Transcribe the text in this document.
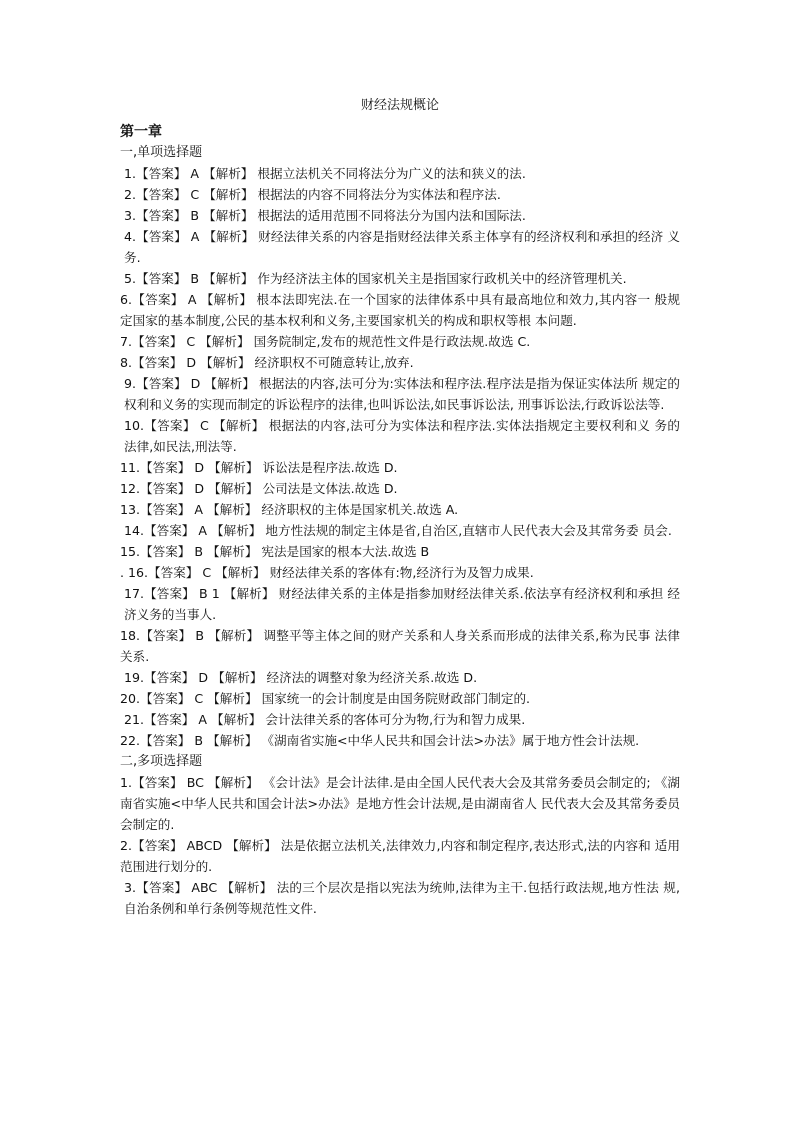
财经法规概论
第一章
一,单项选择题
1.【答案】 A 【解析】 根据立法机关不同将法分为广义的法和狭义的法.
2.【答案】 C 【解析】 根据法的内容不同将法分为实体法和程序法.
3.【答案】 B 【解析】 根据法的适用范围不同将法分为国内法和国际法.
4.【答案】 A 【解析】 财经法律关系的内容是指财经法律关系主体享有的经济权利和承担的经济 义务.
5.【答案】 B 【解析】 作为经济法主体的国家机关主是指国家行政机关中的经济管理机关.
6.【答案】 A 【解析】 根本法即宪法.在一个国家的法律体系中具有最高地位和效力,其内容一 般规定国家的基本制度,公民的基本权利和义务,主要国家机关的构成和职权等根 本问题.
7.【答案】 C 【解析】 国务院制定,发布的规范性文件是行政法规.故选 C.
8.【答案】 D 【解析】 经济职权不可随意转让,放弃.
9.【答案】 D 【解析】 根据法的内容,法可分为:实体法和程序法.程序法是指为保证实体法所 规定的权利和义务的实现而制定的诉讼程序的法律,也叫诉讼法,如民事诉讼法, 刑事诉讼法,行政诉讼法等.
10.【答案】 C 【解析】 根据法的内容,法可分为实体法和程序法.实体法指规定主要权利和义 务的法律,如民法,刑法等.
11.【答案】 D 【解析】 诉讼法是程序法.故选 D.
12.【答案】 D 【解析】 公司法是文体法.故选 D.
13.【答案】 A 【解析】 经济职权的主体是国家机关.故选 A.
14.【答案】 A 【解析】 地方性法规的制定主体是省,自治区,直辖市人民代表大会及其常务委 员会.
15.【答案】 B 【解析】 宪法是国家的根本大法.故选 B
. 16.【答案】 C 【解析】 财经法律关系的客体有:物,经济行为及智力成果.
17.【答案】 B 1 【解析】 财经法律关系的主体是指参加财经法律关系.依法享有经济权利和承担 经济义务的当事人.
18.【答案】 B 【解析】 调整平等主体之间的财产关系和人身关系而形成的法律关系,称为民事 法律关系.
19.【答案】 D 【解析】 经济法的调整对象为经济关系.故选 D.
20.【答案】 C 【解析】 国家统一的会计制度是由国务院财政部门制定的.
21.【答案】 A 【解析】 会计法律关系的客体可分为物,行为和智力成果.
22.【答案】 B 【解析】 《湖南省实施<中华人民共和国会计法>办法》属于地方性会计法规.
二,多项选择题
1.【答案】 BC 【解析】 《会计法》是会计法律.是由全国人民代表大会及其常务委员会制定的; 《湖南省实施<中华人民共和国会计法>办法》是地方性会计法规,是由湖南省人 民代表大会及其常务委员会制定的.
2.【答案】 ABCD 【解析】 法是依据立法机关,法律效力,内容和制定程序,表达形式,法的内容和 适用范围进行划分的.
3.【答案】 ABC 【解析】 法的三个层次是指以宪法为统帅,法律为主干.包括行政法规,地方性法 规,自治条例和单行条例等规范性文件.
